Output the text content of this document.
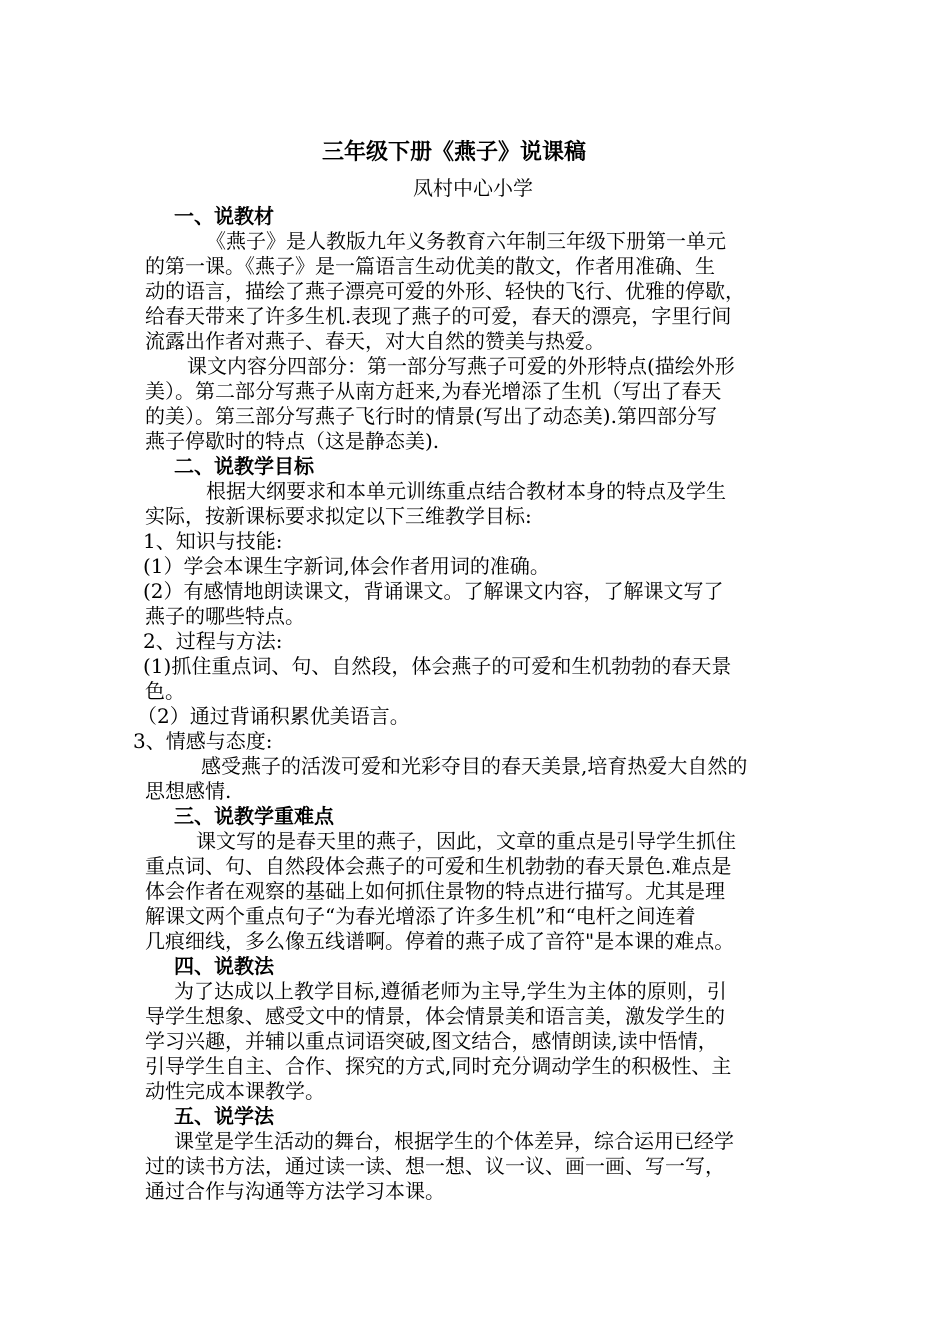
三年级下册《燕子》说课稿
凤村中心小学
一、说教材
《燕子》是人教版九年义务教育六年制三年级下册第一单元
的第一课。《燕子》是一篇语言生动优美的散文，作者用准确、生
动的语言，描绘了燕子漂亮可爱的外形、轻快的飞行、优雅的停歇，
给春天带来了许多生机.表现了燕子的可爱，春天的漂亮，字里行间
流露出作者对燕子、春天，对大自然的赞美与热爱。
课文内容分四部分：第一部分写燕子可爱的外形特点(描绘外形
美）。第二部分写燕子从南方赶来,为春光增添了生机（写出了春天
的美）。第三部分写燕子飞行时的情景(写出了动态美).第四部分写
燕子停歇时的特点（这是静态美).
二、说教学目标
根据大纲要求和本单元训练重点结合教材本身的特点及学生
实际，按新课标要求拟定以下三维教学目标:
1、知识与技能:
(1）学会本课生字新词,体会作者用词的准确。
(2）有感情地朗读课文，背诵课文。了解课文内容，了解课文写了
燕子的哪些特点。
2、过程与方法:
(1)抓住重点词、句、自然段，体会燕子的可爱和生机勃勃的春天景
色。
（2）通过背诵积累优美语言。
3、情感与态度:
感受燕子的活泼可爱和光彩夺目的春天美景,培育热爱大自然的
思想感情.
三、说教学重难点
课文写的是春天里的燕子，因此，文章的重点是引导学生抓住
重点词、句、自然段体会燕子的可爱和生机勃勃的春天景色.难点是
体会作者在观察的基础上如何抓住景物的特点进行描写。尤其是理
解课文两个重点句子“为春光增添了许多生机”和“电杆之间连着
几痕细线，多么像五线谱啊。停着的燕子成了音符"是本课的难点。
四、说教法
为了达成以上教学目标,遵循老师为主导,学生为主体的原则，引
导学生想象、感受文中的情景，体会情景美和语言美，激发学生的
学习兴趣，并辅以重点词语突破,图文结合，感情朗读,读中悟情，
引导学生自主、合作、探究的方式,同时充分调动学生的积极性、主
动性完成本课教学。
五、说学法
课堂是学生活动的舞台，根据学生的个体差异，综合运用已经学
过的读书方法，通过读一读、想一想、议一议、画一画、写一写，
通过合作与沟通等方法学习本课。
